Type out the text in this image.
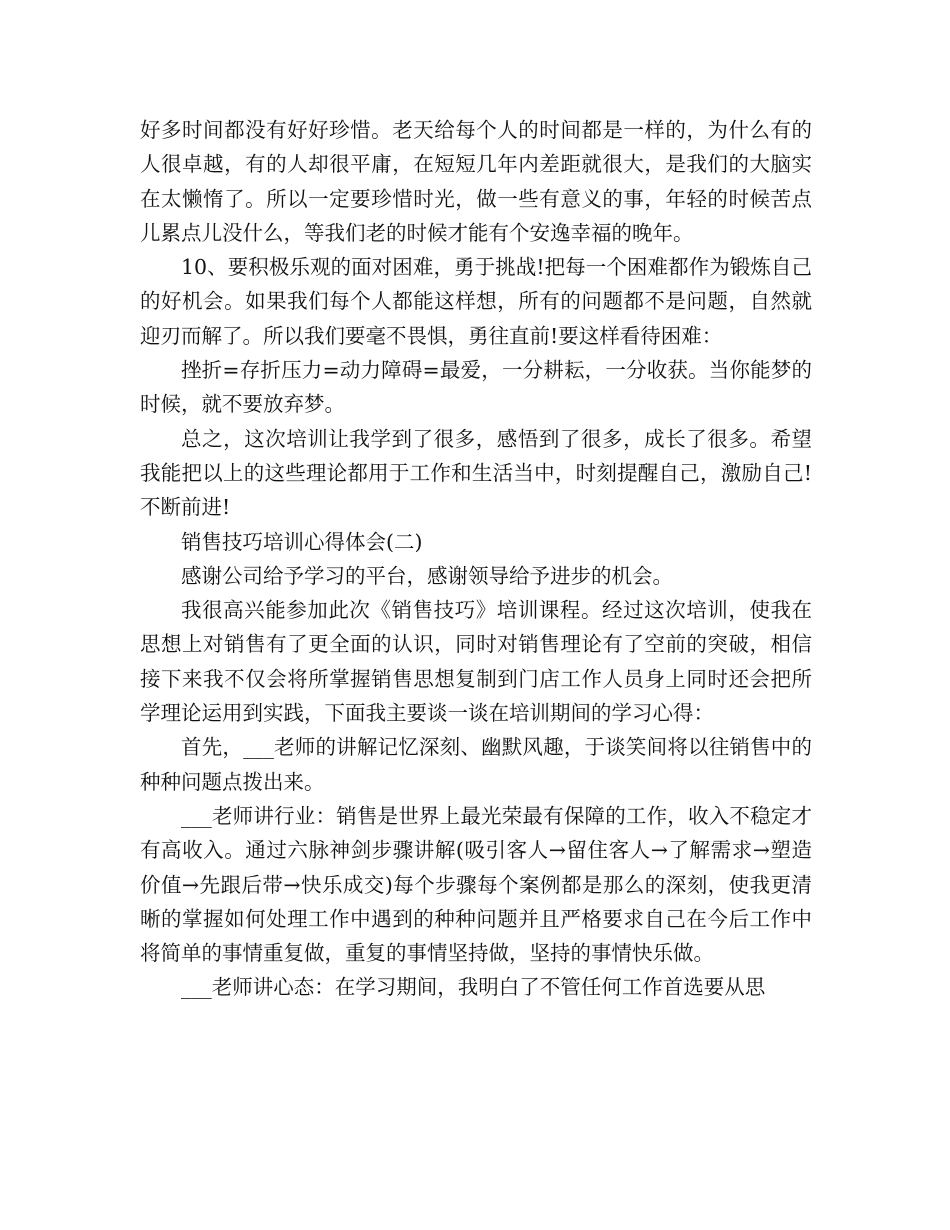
好多时间都没有好好珍惜。老天给每个人的时间都是一样的，为什么有的人很卓越，有的人却很平庸，在短短几年内差距就很大，是我们的大脑实在太懒惰了。所以一定要珍惜时光，做一些有意义的事，年轻的时候苦点儿累点儿没什么，等我们老的时候才能有个安逸幸福的晚年。

10、要积极乐观的面对困难，勇于挑战!把每一个困难都作为锻炼自己的好机会。如果我们每个人都能这样想，所有的问题都不是问题，自然就迎刃而解了。所以我们要毫不畏惧，勇往直前!要这样看待困难：

挫折=存折压力=动力障碍=最爱，一分耕耘，一分收获。当你能梦的时候，就不要放弃梦。

总之，这次培训让我学到了很多，感悟到了很多，成长了很多。希望我能把以上的这些理论都用于工作和生活当中，时刻提醒自己，激励自己!不断前进!

销售技巧培训心得体会(二)

感谢公司给予学习的平台，感谢领导给予进步的机会。

我很高兴能参加此次《销售技巧》培训课程。经过这次培训，使我在思想上对销售有了更全面的认识，同时对销售理论有了空前的突破，相信接下来我不仅会将所掌握销售思想复制到门店工作人员身上同时还会把所学理论运用到实践，下面我主要谈一谈在培训期间的学习心得：

首先，___老师的讲解记忆深刻、幽默风趣，于谈笑间将以往销售中的种种问题点拨出来。

___老师讲行业：销售是世界上最光荣最有保障的工作，收入不稳定才有高收入。通过六脉神剑步骤讲解(吸引客人→留住客人→了解需求→塑造价值→先跟后带→快乐成交)每个步骤每个案例都是那么的深刻，使我更清晰的掌握如何处理工作中遇到的种种问题并且严格要求自己在今后工作中将简单的事情重复做，重复的事情坚持做，坚持的事情快乐做。

___老师讲心态：在学习期间，我明白了不管任何工作首选要从思
